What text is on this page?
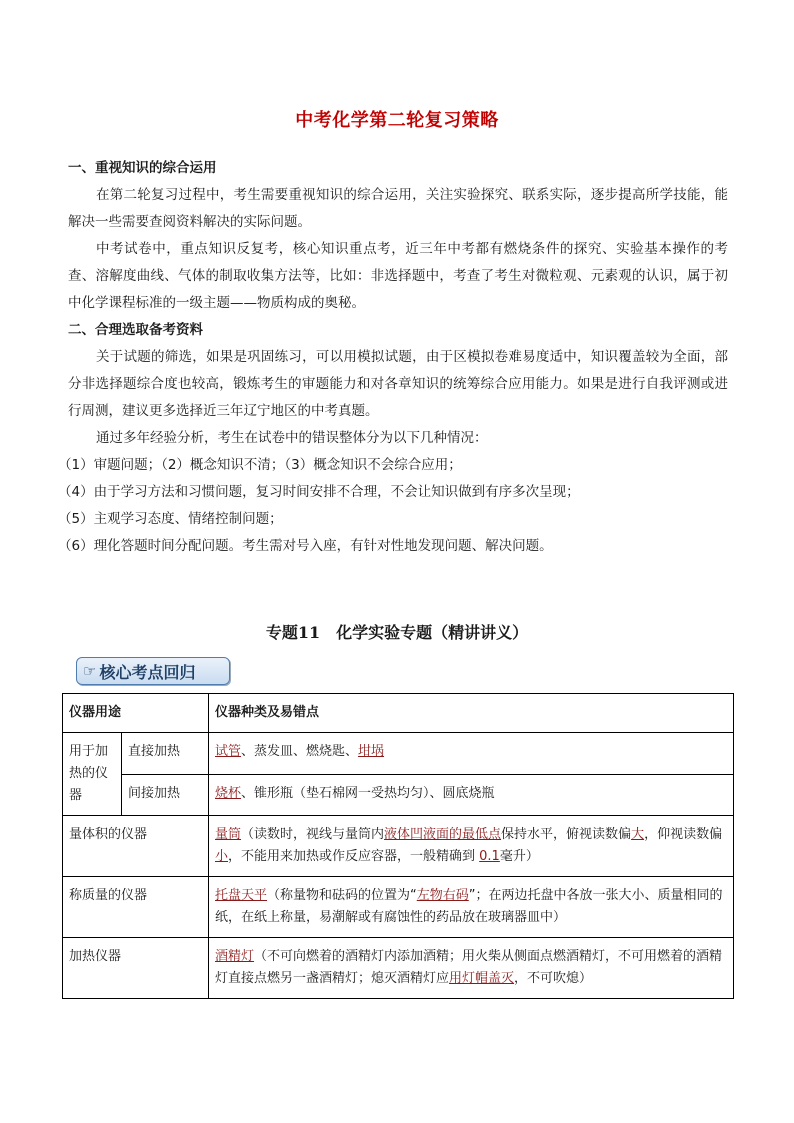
中考化学第二轮复习策略

一、重视知识的综合运用

在第二轮复习过程中，考生需要重视知识的综合运用，关注实验探究、联系实际，逐步提高所学技能，能解决一些需要查阅资料解决的实际问题。

中考试卷中，重点知识反复考，核心知识重点考，近三年中考都有燃烧条件的探究、实验基本操作的考查、溶解度曲线、气体的制取收集方法等，比如：非选择题中，考查了考生对微粒观、元素观的认识，属于初中化学课程标准的一级主题——物质构成的奥秘。

二、合理选取备考资料

关于试题的筛选，如果是巩固练习，可以用模拟试题，由于区模拟卷难易度适中，知识覆盖较为全面，部分非选择题综合度也较高，锻炼考生的审题能力和对各章知识的统筹综合应用能力。如果是进行自我评测或进行周测，建议更多选择近三年辽宁地区的中考真题。

通过多年经验分析，考生在试卷中的错误整体分为以下几种情况：

（1）审题问题；（2）概念知识不清；（3）概念知识不会综合应用；

（4）由于学习方法和习惯问题，复习时间安排不合理，不会让知识做到有序多次呈现；

（5）主观学习态度、情绪控制问题；

（6）理化答题时间分配问题。考生需对号入座，有针对性地发现问题、解决问题。

专题11　化学实验专题（精讲讲义）
☞ 核心考点回归
仪器用途		仪器种类及易错点
用于加热的仪器	直接加热	试管、蒸发皿、燃烧匙、坩埚
	间接加热	烧杯、锥形瓶（垫石棉网一受热均匀）、圆底烧瓶
量体积的仪器		量筒（读数时，视线与量筒内液体凹液面的最低点保持水平，俯视读数偏大，仰视读数偏小，不能用来加热或作反应容器，一般精确到 0.1毫升）
称质量的仪器		托盘天平（称量物和砝码的位置为“左物右码”；在两边托盘中各放一张大小、质量相同的纸，在纸上称量，易潮解或有腐蚀性的药品放在玻璃器皿中）
加热仪器		酒精灯（不可向燃着的酒精灯内添加酒精；用火柴从侧面点燃酒精灯，不可用燃着的酒精灯直接点燃另一盏酒精灯；熄灭酒精灯应用灯帽盖灭，不可吹熄）
